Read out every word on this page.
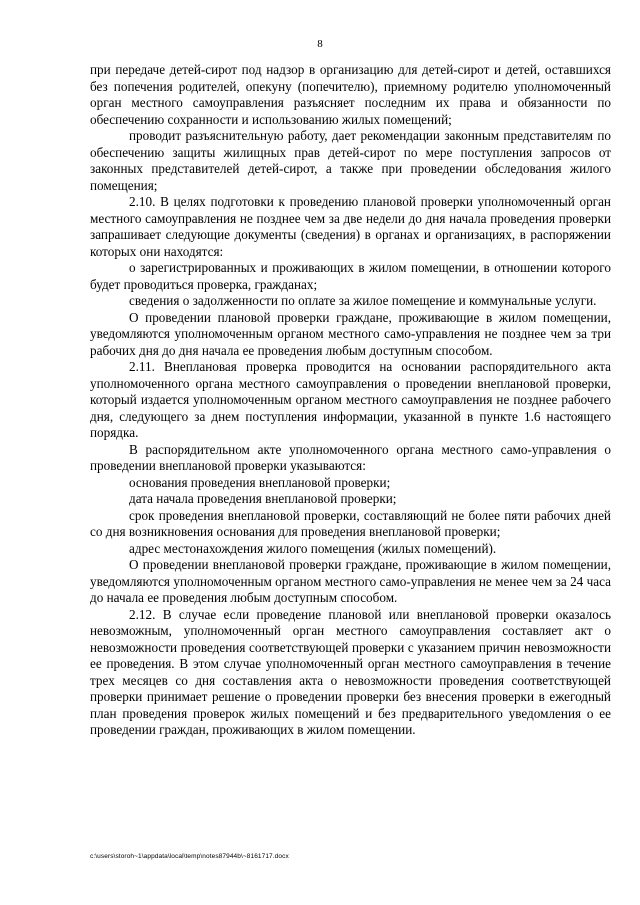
8

при передаче детей-сирот под надзор в организацию для детей-сирот и детей, оставшихся без попечения родителей, опекуну (попечителю), приемному родителю уполномоченный орган местного самоуправления разъясняет последним их права и обязанности по обеспечению сохранности и использованию жилых помещений;

проводит разъяснительную работу, дает рекомендации законным представителям по обеспечению защиты жилищных прав детей-сирот по мере поступления запросов от законных представителей детей-сирот, а также при проведении обследования жилого помещения;

2.10. В целях подготовки к проведению плановой проверки уполномоченный орган местного самоуправления не позднее чем за две недели до дня начала проведения проверки запрашивает следующие документы (сведения) в органах и организациях, в распоряжении которых они находятся:

о зарегистрированных и проживающих в жилом помещении, в отношении которого будет проводиться проверка, гражданах;

сведения о задолженности по оплате за жилое помещение и коммунальные услуги.

О проведении плановой проверки граждане, проживающие в жилом помещении, уведомляются уполномоченным органом местного само-управления не позднее чем за три рабочих дня до дня начала ее проведения любым доступным способом.

2.11. Внеплановая проверка проводится на основании распорядительного акта уполномоченного органа местного самоуправления о проведении внеплановой проверки, который издается уполномоченным органом местного самоуправления не позднее рабочего дня, следующего за днем поступления информации, указанной в пункте 1.6 настоящего порядка.

В распорядительном акте уполномоченного органа местного само-управления о проведении внеплановой проверки указываются:

основания проведения внеплановой проверки;

дата начала проведения внеплановой проверки;

срок проведения внеплановой проверки, составляющий не более пяти рабочих дней со дня возникновения основания для проведения внеплановой проверки;

адрес местонахождения жилого помещения (жилых помещений).

О проведении внеплановой проверки граждане, проживающие в жилом помещении, уведомляются уполномоченным органом местного само-управления не менее чем за 24 часа до начала ее проведения любым доступным способом.

2.12. В случае если проведение плановой или внеплановой проверки оказалось невозможным, уполномоченный орган местного самоуправления составляет акт о невозможности проведения соответствующей проверки с указанием причин невозможности ее проведения. В этом случае уполномоченный орган местного самоуправления в течение трех месяцев со дня составления акта о невозможности проведения соответствующей проверки принимает решение о проведении проверки без внесения проверки в ежегодный план проведения проверок жилых помещений и без предварительного уведомления о ее проведении граждан, проживающих в жилом помещении.

c:\users\storoh~1\appdata\local\temp\notes87944b\~8161717.docx
